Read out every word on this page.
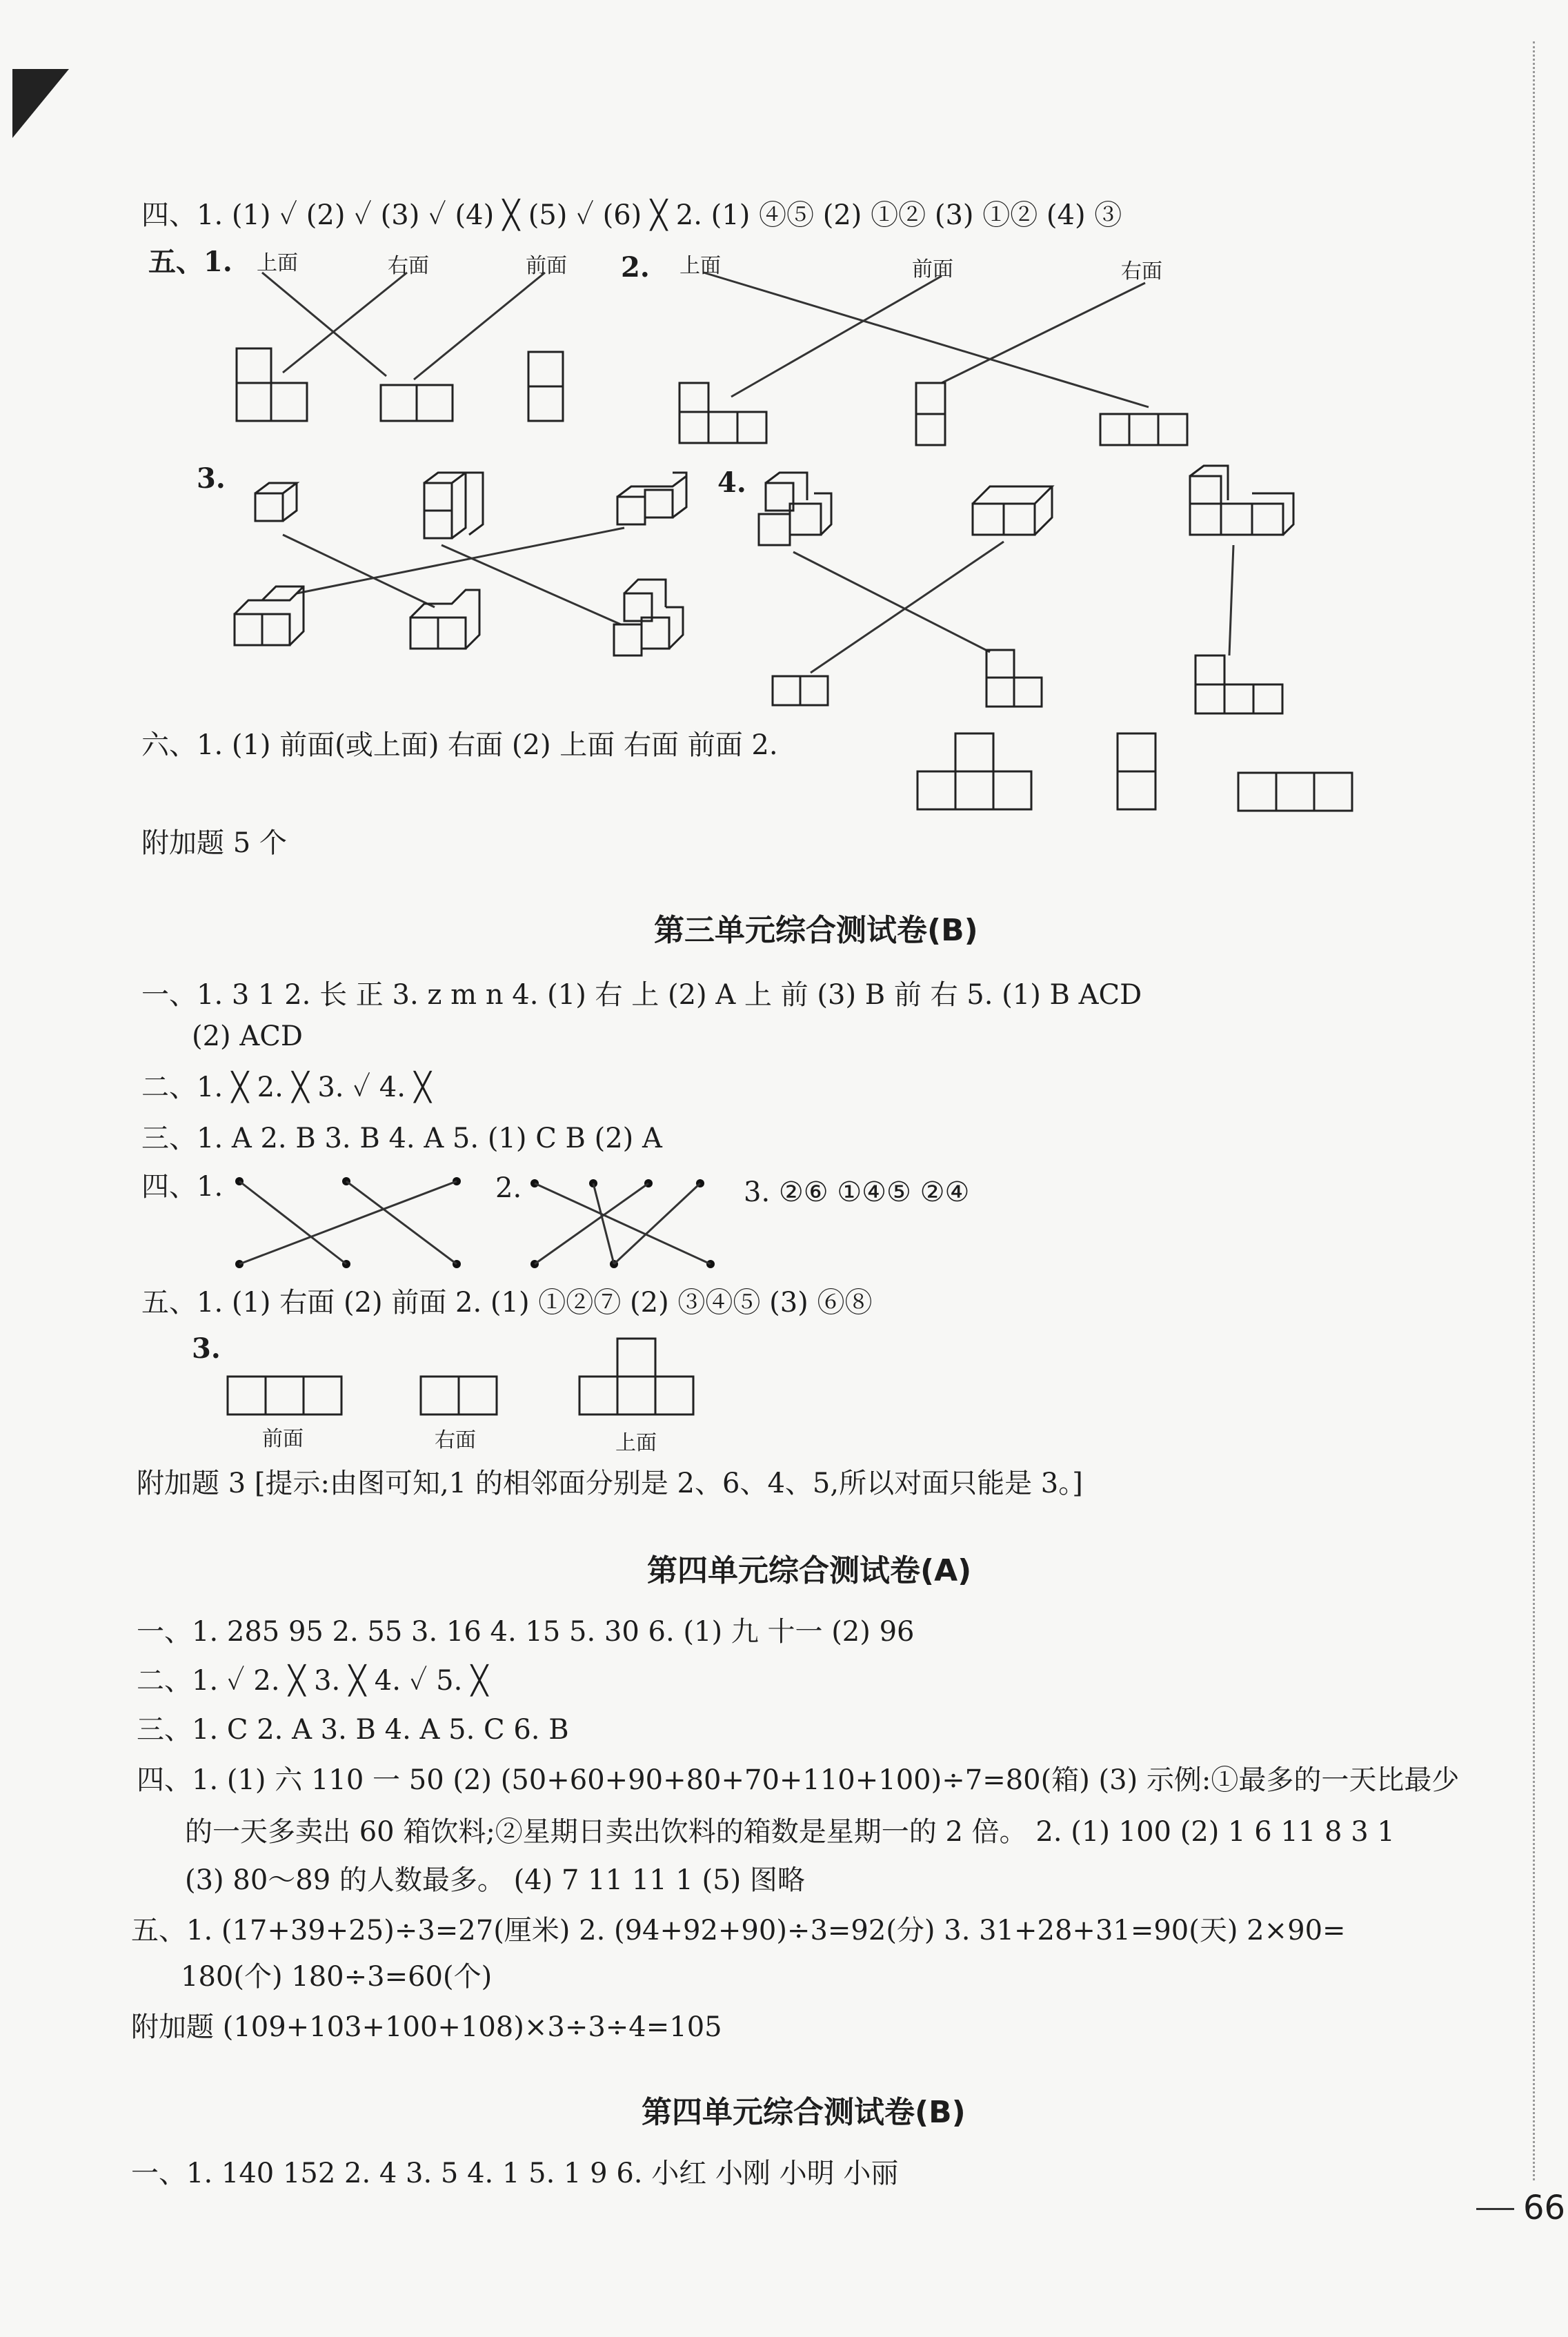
四、1. (1) ✓ (2) ✓ (3) ✓ (4) ╳ (5) ✓ (6) ╳ 2. (1) ④⑤ (2) ①② (3) ①② (4) ③
五、1.	2.
上面	右面	前面	上面	前面	右面
3.	4.
六、1. (1) 前面(或上面) 右面 (2) 上面 右面 前面 2.
附加题 5 个
第三单元综合测试卷(B)
一、1. 3 1 2. 长 正 3. z m n 4. (1) 右 上 (2) A 上 前 (3) B 前 右 5. (1) B ACD
(2) ACD
二、1. ╳ 2. ╳ 3. ✓ 4. ╳
三、1. A 2. B 3. B 4. A 5. (1) C B (2) A
四、1.	2.	3. ②⑥ ①④⑤ ②④
五、1. (1) 右面 (2) 前面 2. (1) ①②⑦ (2) ③④⑤ (3) ⑥⑧
3.
前面	右面	上面
附加题 3 [提示:由图可知,1 的相邻面分别是 2、6、4、5,所以对面只能是 3。]
第四单元综合测试卷(A)
一、1. 285 95 2. 55 3. 16 4. 15 5. 30 6. (1) 九 十一 (2) 96
二、1. ✓ 2. ╳ 3. ╳ 4. ✓ 5. ╳
三、1. C 2. A 3. B 4. A 5. C 6. B
四、1. (1) 六 110 一 50 (2) (50+60+90+80+70+110+100)÷7=80(箱) (3) 示例:①最多的一天比最少
的一天多卖出 60 箱饮料;②星期日卖出饮料的箱数是星期一的 2 倍。 2. (1) 100 (2) 1 6 11 8 3 1
(3) 80～89 的人数最多。 (4) 7 11 11 1 (5) 图略
五、1. (17+39+25)÷3=27(厘米) 2. (94+92+90)÷3=92(分) 3. 31+28+31=90(天) 2×90=
180(个) 180÷3=60(个)
附加题 (109+103+100+108)×3÷3÷4=105
第四单元综合测试卷(B)
一、1. 140 152 2. 4 3. 5 4. 1 5. 1 9 6. 小红 小刚 小明 小丽
66
